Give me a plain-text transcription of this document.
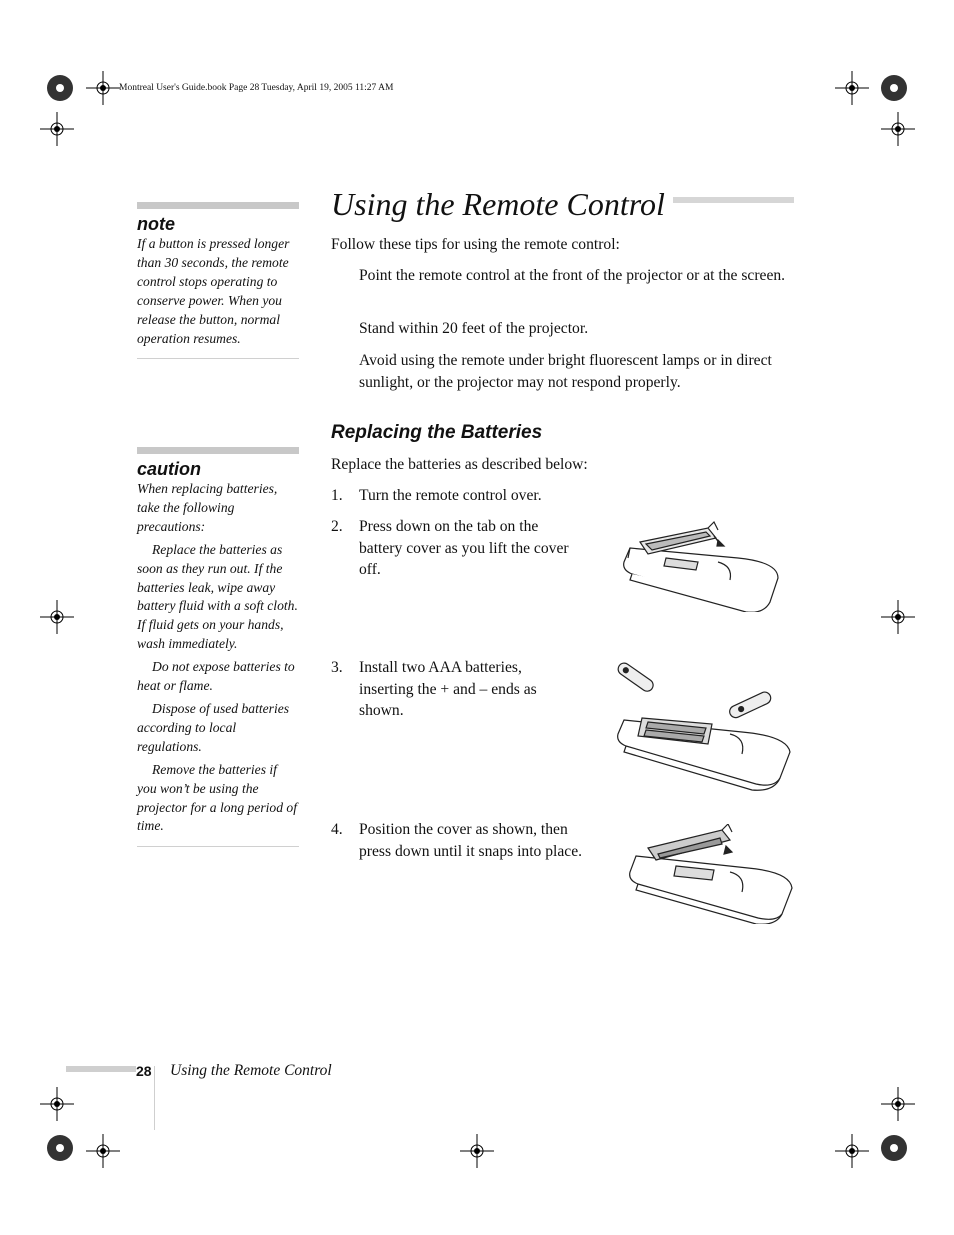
Montreal User's Guide.book Page 28 Tuesday, April 19, 2005 11:27 AM
note
If a button is pressed longer than 30 seconds, the remote control stops operating to conserve power. When you release the button, normal operation resumes.
caution
When replacing batteries, take the following precautions:
Replace the batteries as soon as they run out. If the batteries leak, wipe away battery fluid with a soft cloth. If fluid gets on your hands, wash immediately.
Do not expose batteries to heat or flame.
Dispose of used batteries according to local regulations.
Remove the batteries if you won’t be using the projector for a long period of time.
Using the Remote Control
Follow these tips for using the remote control:
Point the remote control at the front of the projector or at the screen.
Stand within 20 feet of the projector.
Avoid using the remote under bright fluorescent lamps or in direct sunlight, or the projector may not respond properly.
Replacing the Batteries
Replace the batteries as described below:
1.	Turn the remote control over.
2.	Press down on the tab on the battery cover as you lift the cover off.
3.	Install two AAA batteries, inserting the + and – ends as shown.
4.	Position the cover as shown, then press down until it snaps into place.
28 Using the Remote Control
